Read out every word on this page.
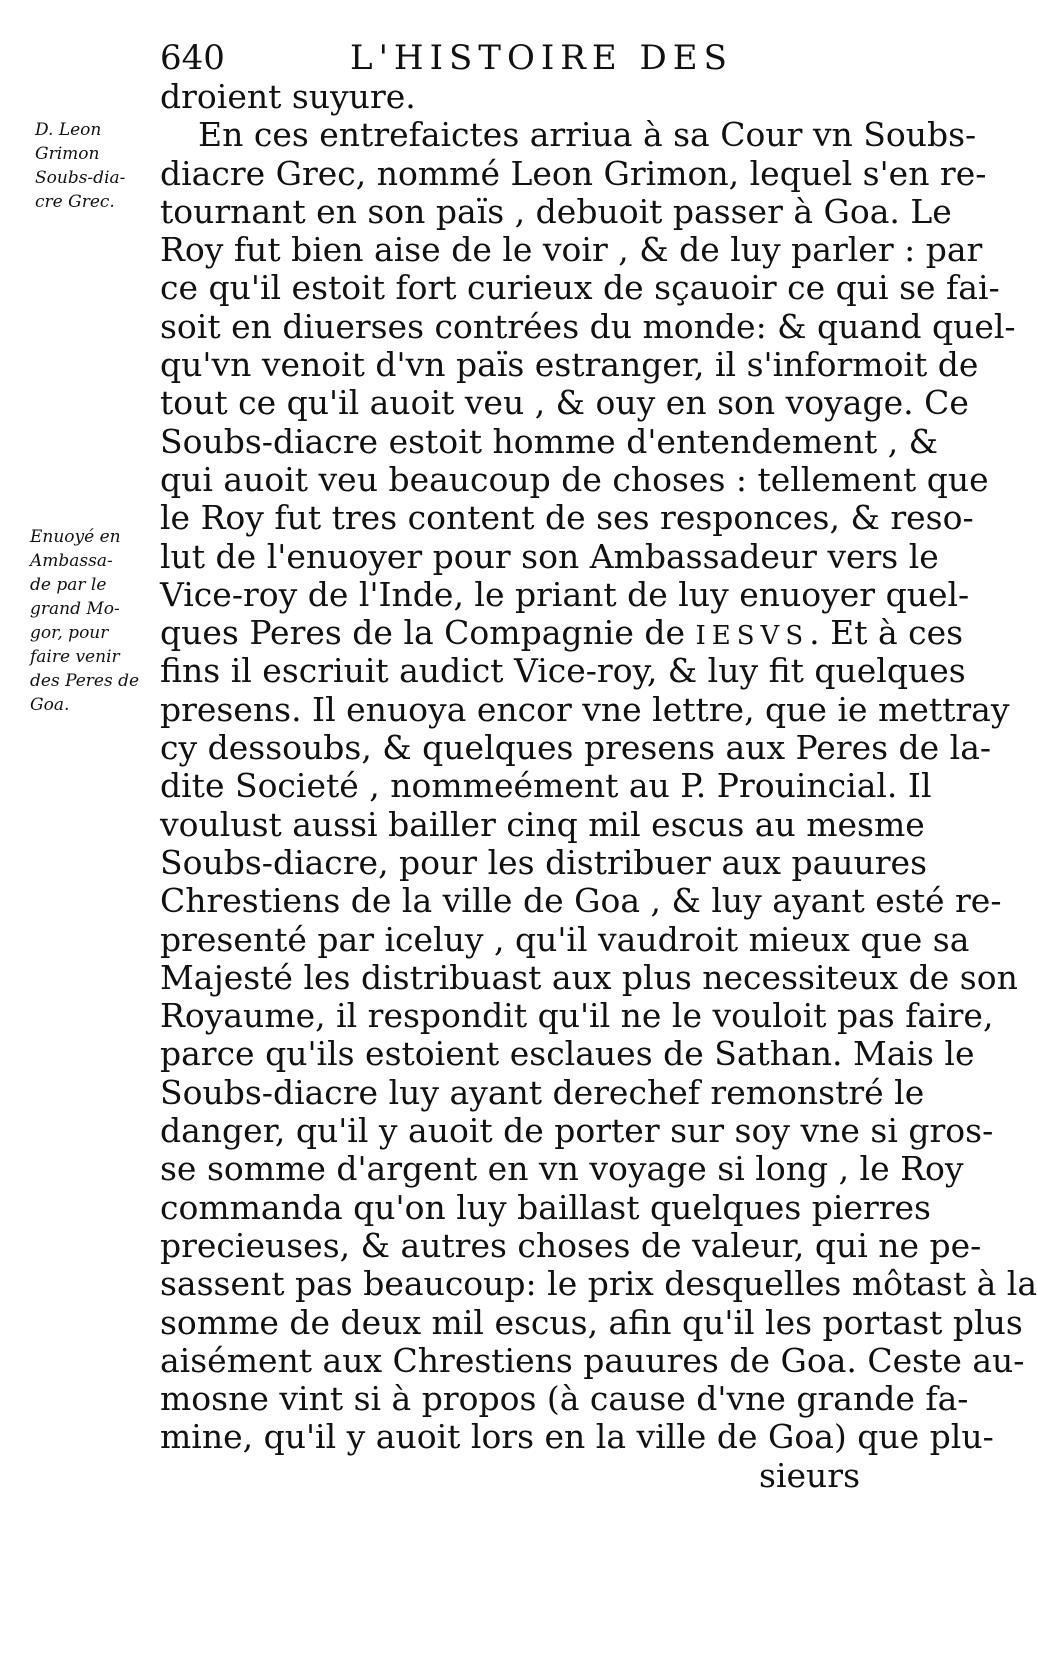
640	L'HISTOIRE DES
D. Leon
Grimon
Soubs-dia-
cre Grec.
Enuoyé en
Ambassa-
de par le
grand Mo-
gor, pour
faire venir
des Peres de
Goa.
droient suyure.
En ces entrefaictes arriua à sa Cour vn Soubs-
diacre Grec, nommé Leon Grimon, lequel s'en re-
tournant en son païs , debuoit passer à Goa. Le
Roy fut bien aise de le voir , & de luy parler : par
ce qu'il estoit fort curieux de sçauoir ce qui se fai-
soit en diuerses contrées du monde: & quand quel-
qu'vn venoit d'vn païs estranger, il s'informoit de
tout ce qu'il auoit veu , & ouy en son voyage. Ce
Soubs-diacre estoit homme d'entendement , &
qui auoit veu beaucoup de choses : tellement que
le Roy fut tres content de ses responces, & reso-
lut de l'enuoyer pour son Ambassadeur vers le
Vice-roy de l'Inde, le priant de luy enuoyer quel-
ques Peres de la Compagnie de IESVS. Et à ces
fins il escriuit audict Vice-roy, & luy fit quelques
presens. Il enuoya encor vne lettre, que ie mettray
cy dessoubs, & quelques presens aux Peres de la-
dite Societé , nommeément au P. Prouincial. Il
voulust aussi bailler cinq mil escus au mesme
Soubs-diacre, pour les distribuer aux pauures
Chrestiens de la ville de Goa , & luy ayant esté re-
presenté par iceluy , qu'il vaudroit mieux que sa
Majesté les distribuast aux plus necessiteux de son
Royaume, il respondit qu'il ne le vouloit pas faire,
parce qu'ils estoient esclaues de Sathan. Mais le
Soubs-diacre luy ayant derechef remonstré le
danger, qu'il y auoit de porter sur soy vne si gros-
se somme d'argent en vn voyage si long , le Roy
commanda qu'on luy baillast quelques pierres
precieuses, & autres choses de valeur, qui ne pe-
sassent pas beaucoup: le prix desquelles môtast à la
somme de deux mil escus, afin qu'il les portast plus
aisément aux Chrestiens pauures de Goa. Ceste au-
mosne vint si à propos (à cause d'vne grande fa-
mine, qu'il y auoit lors en la ville de Goa) que plu-
sieurs
